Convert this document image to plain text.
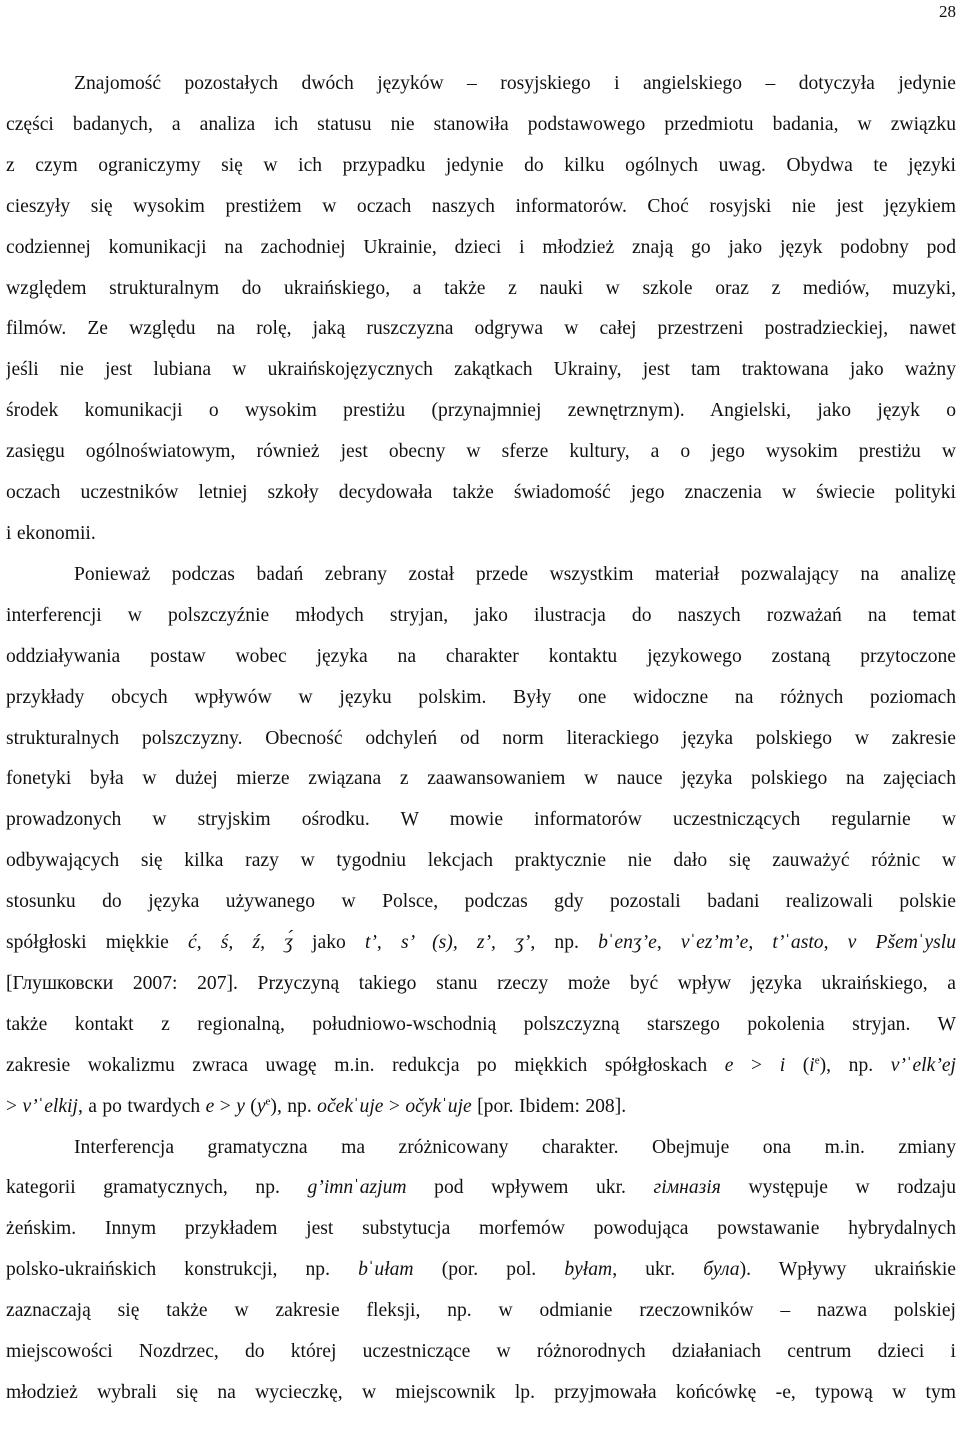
28
Znajomość pozostałych dwóch języków – rosyjskiego i angielskiego – dotyczyła jedynie
części badanych, a analiza ich statusu nie stanowiła podstawowego przedmiotu badania, w związku
z czym ograniczymy się w ich przypadku jedynie do kilku ogólnych uwag. Obydwa te języki
cieszyły się wysokim prestiżem w oczach naszych informatorów. Choć rosyjski nie jest językiem
codziennej komunikacji na zachodniej Ukrainie, dzieci i młodzież znają go jako język podobny pod
względem strukturalnym do ukraińskiego, a także z nauki w szkole oraz z mediów, muzyki,
filmów. Ze względu na rolę, jaką ruszczyzna odgrywa w całej przestrzeni postradzieckiej, nawet
jeśli nie jest lubiana w ukraińskojęzycznych zakątkach Ukrainy, jest tam traktowana jako ważny
środek komunikacji o wysokim prestiżu (przynajmniej zewnętrznym). Angielski, jako język o
zasięgu ogólnoświatowym, również jest obecny w sferze kultury, a o jego wysokim prestiżu w
oczach uczestników letniej szkoły decydowała także świadomość jego znaczenia w świecie polityki
i ekonomii.
Ponieważ podczas badań zebrany został przede wszystkim materiał pozwalający na analizę
interferencji w polszczyźnie młodych stryjan, jako ilustracja do naszych rozważań na temat
oddziaływania postaw wobec języka na charakter kontaktu językowego zostaną przytoczone
przykłady obcych wpływów w języku polskim. Były one widoczne na różnych poziomach
strukturalnych polszczyzny. Obecność odchyleń od norm literackiego języka polskiego w zakresie
fonetyki była w dużej mierze związana z zaawansowaniem w nauce języka polskiego na zajęciach
prowadzonych w stryjskim ośrodku. W mowie informatorów uczestniczących regularnie w
odbywających się kilka razy w tygodniu lekcjach praktycznie nie dało się zauważyć różnic w
stosunku do języka używanego w Polsce, podczas gdy pozostali badani realizowali polskie
spółgłoski miękkie ć, ś, ź, ʒ́ jako t’, s’ (s), z’, ʒ’, np. bˈenʒ’e, vˈez’m’e, t’ˈasto, v Pšemˈyslu
[Глушковски 2007: 207]. Przyczyną takiego stanu rzeczy może być wpływ języka ukraińskiego, a
także kontakt z regionalną, południowo-wschodnią polszczyzną starszego pokolenia stryjan. W
zakresie wokalizmu zwraca uwagę m.in. redukcja po miękkich spółgłoskach e > i $(i^e)$, np. v’ˈelk’ej
> v’ˈelkij, a po twardych e > y $(y^e)$, np. očekˈuje > očykˈuje [por. Ibidem: 208].
Interferencja gramatyczna ma zróżnicowany charakter. Obejmuje ona m.in. zmiany
kategorii gramatycznych, np. g’imnˈazjum pod wpływem ukr. гімназія występuje w rodzaju
żeńskim. Innym przykładem jest substytucja morfemów powodująca powstawanie hybrydalnych
polsko-ukraińskich konstrukcji, np. bˈułam (por. pol. byłam, ukr. була). Wpływy ukraińskie
zaznaczają się także w zakresie fleksji, np. w odmianie rzeczowników – nazwa polskiej
miejscowości Nozdrzec, do której uczestniczące w różnorodnych działaniach centrum dzieci i
młodzież wybrali się na wycieczkę, w miejscownik lp. przyjmowała końcówkę -e, typową w tym
